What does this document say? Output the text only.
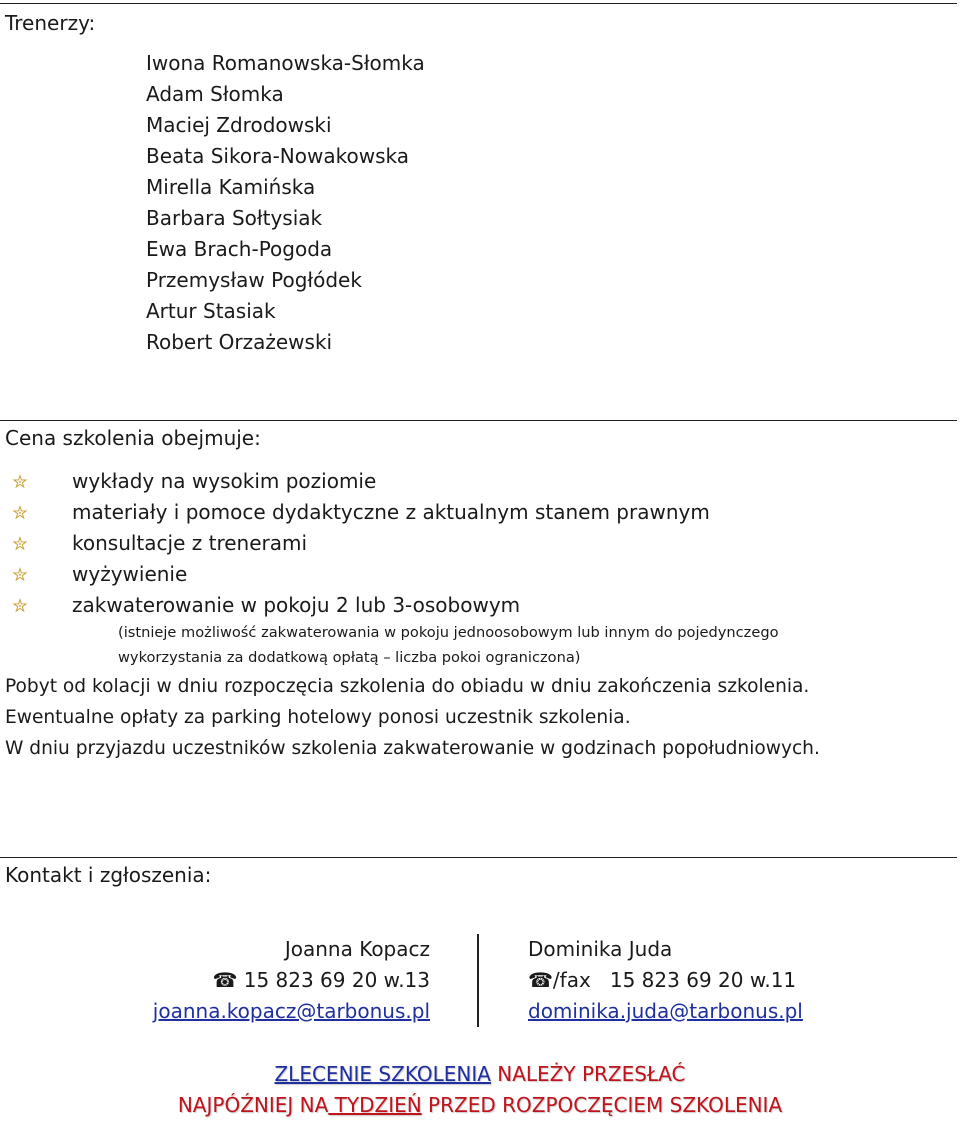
Trenerzy:
Iwona Romanowska-Słomka
Adam Słomka
Maciej Zdrodowski
Beata Sikora-Nowakowska
Mirella Kamińska
Barbara Sołtysiak
Ewa Brach-Pogoda
Przemysław Pogłódek
Artur Stasiak
Robert Orzażewski
Cena szkolenia obejmuje:
✮ wykłady na wysokim poziomie
✮ materiały i pomoce dydaktyczne z aktualnym stanem prawnym
✮ konsultacje z trenerami
✮ wyżywienie
✮ zakwaterowanie w pokoju 2 lub 3-osobowym
(istnieje możliwość zakwaterowania w pokoju jednoosobowym lub innym do pojedynczego
wykorzystania za dodatkową opłatą – liczba pokoi ograniczona)
Pobyt od kolacji w dniu rozpoczęcia szkolenia do obiadu w dniu zakończenia szkolenia.
Ewentualne opłaty za parking hotelowy ponosi uczestnik szkolenia.
W dniu przyjazdu uczestników szkolenia zakwaterowanie w godzinach popołudniowych.
Kontakt i zgłoszenia:
Joanna Kopacz
☎ 15 823 69 20 w.13
joanna.kopacz@tarbonus.pl
Dominika Juda
☎/fax 15 823 69 20 w.11
dominika.juda@tarbonus.pl
ZLECENIE SZKOLENIA NALEŻY PRZESŁAĆ
NAJPÓŹNIEJ NA TYDZIEŃ PRZED ROZPOCZĘCIEM SZKOLENIA
